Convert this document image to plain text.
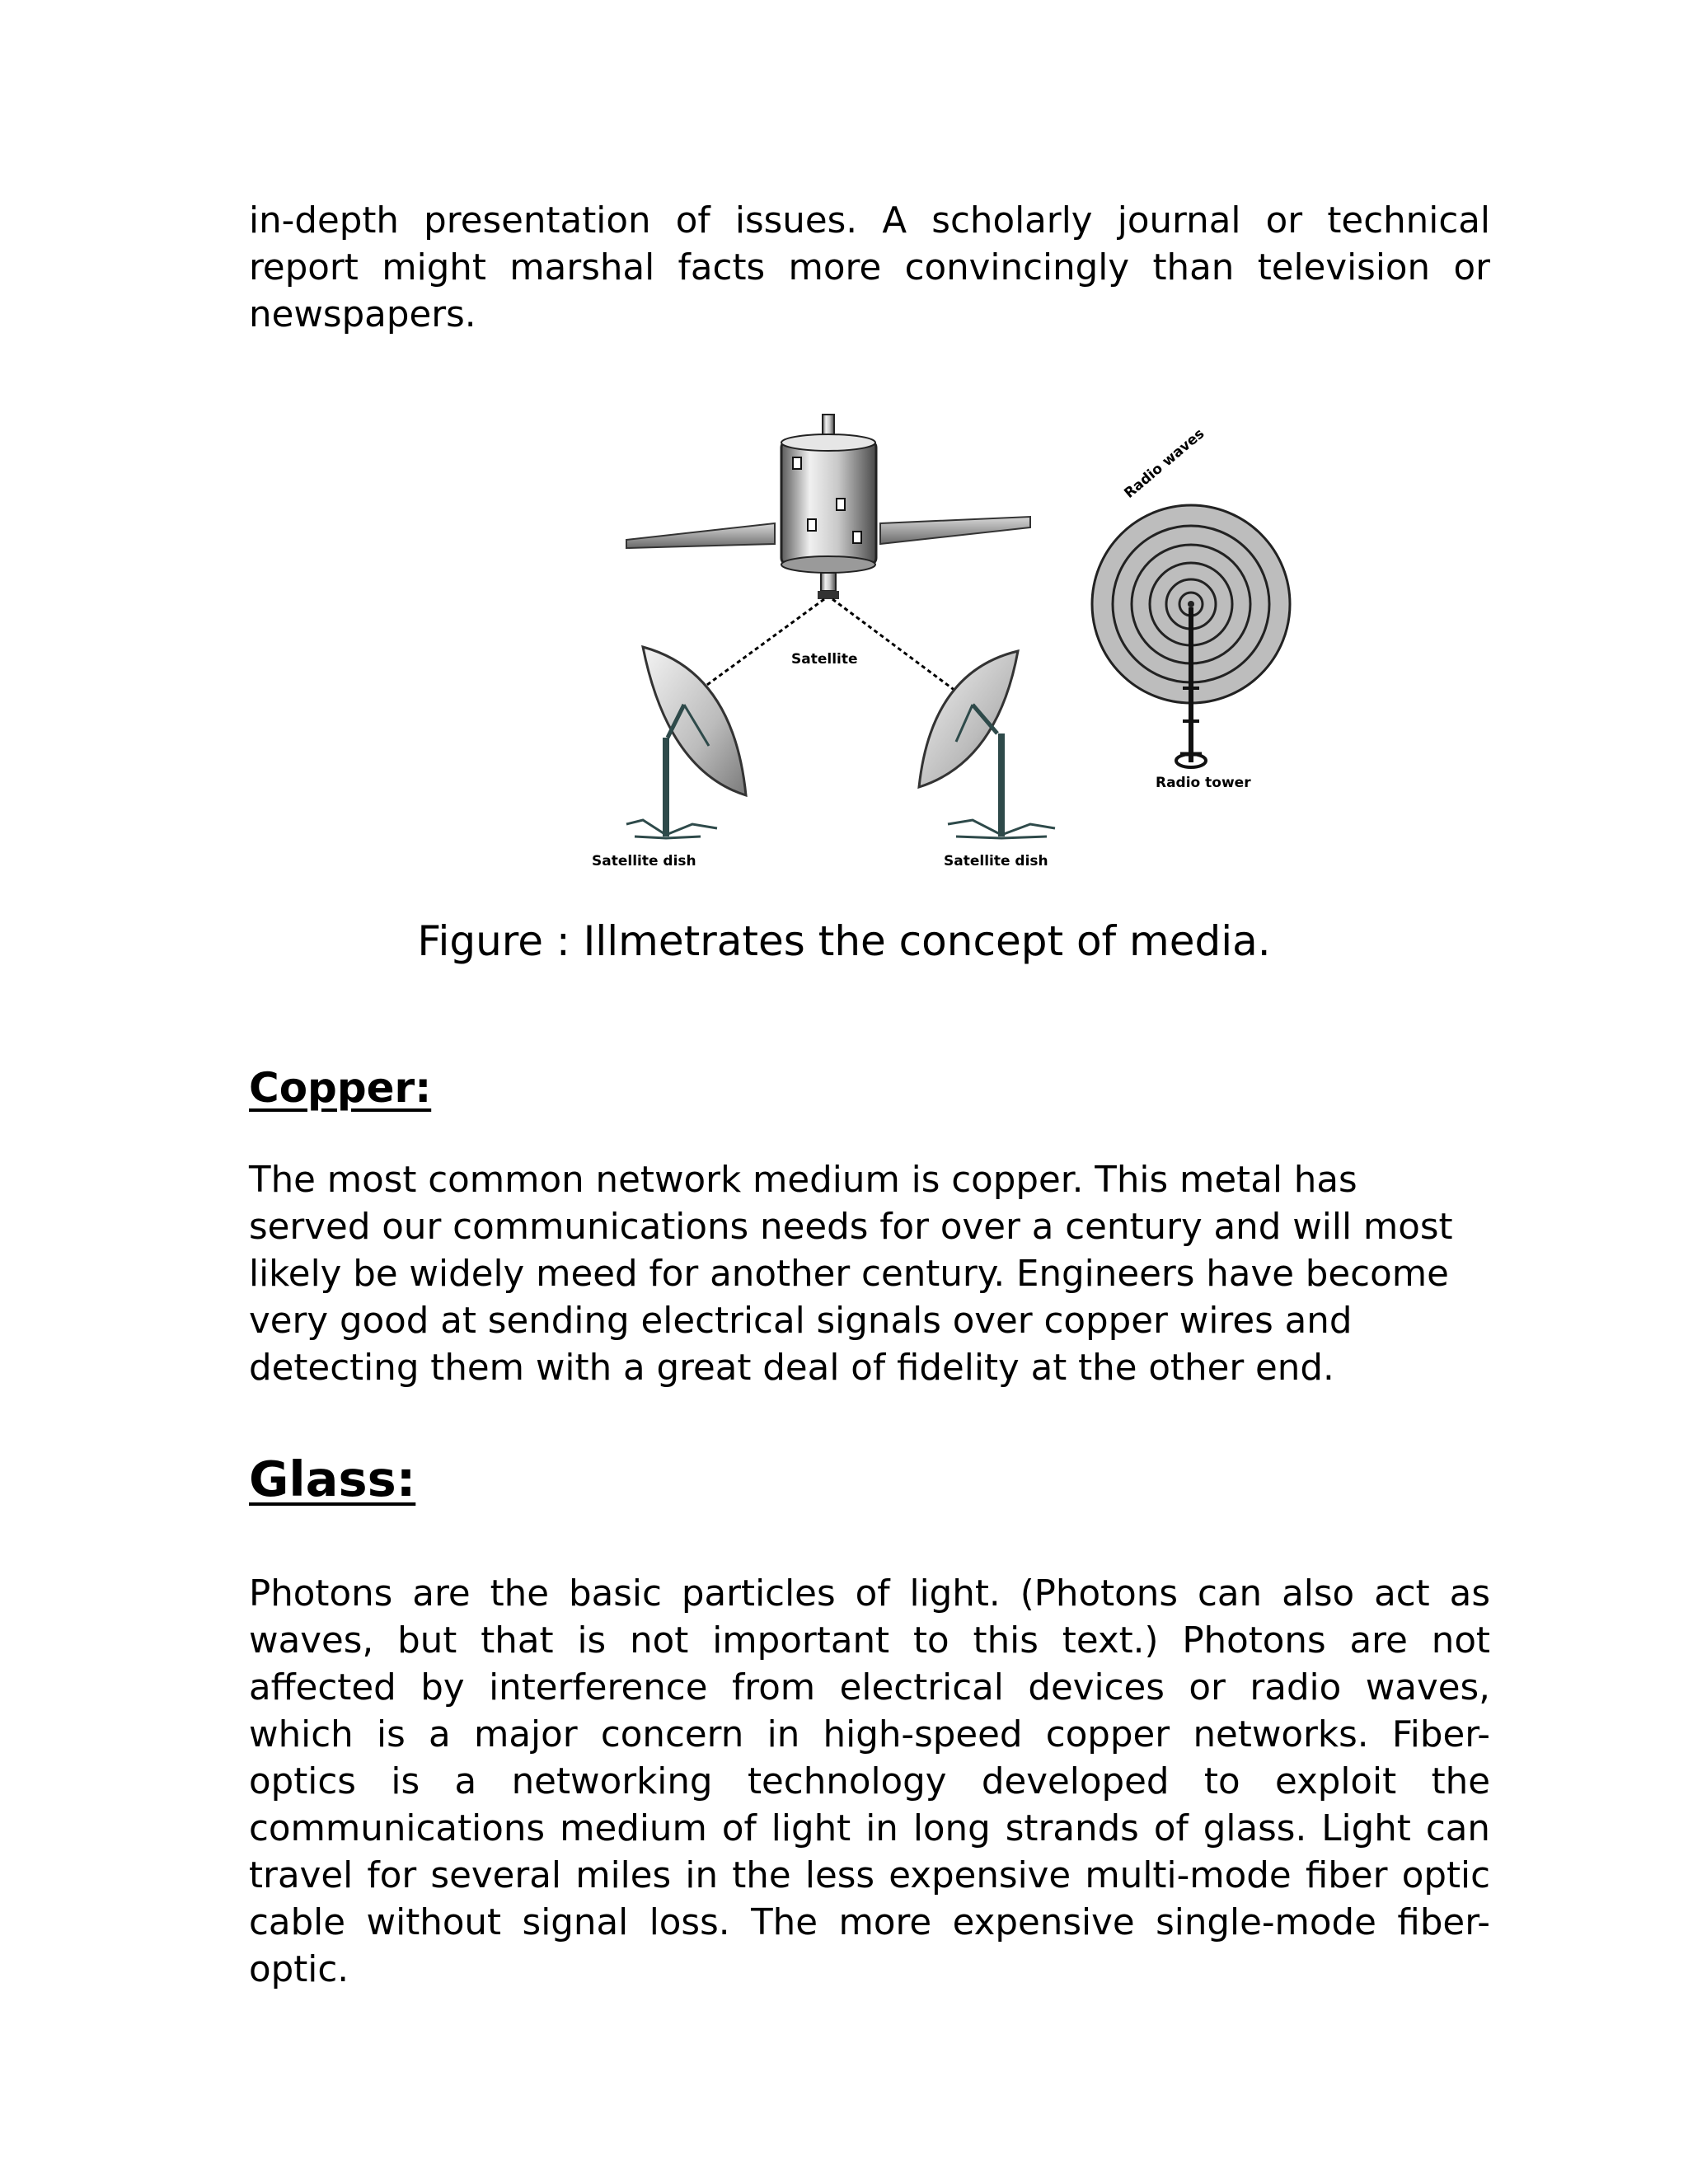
in-depth presentation of issues. A scholarly journal or technical report might marshal facts more convincingly than television or newspapers.

Satellite
Satellite dish	Satellite dish
Radio waves
Radio tower

Figure : Illmetrates the concept of media.

Copper:

The most common network medium is copper. This metal has served our communications needs for over a century and will most likely be widely meed for another century. Engineers have become very good at sending electrical signals over copper wires and detecting them with a great deal of fidelity at the other end.

Glass:

Photons are the basic particles of light. (Photons can also act as waves, but that is not important to this text.) Photons are not affected by interference from electrical devices or radio waves, which is a major concern in high-speed copper networks. Fiber-optics is a networking technology developed to exploit the communications medium of light in long strands of glass. Light can travel for several miles in the less expensive multi-mode fiber optic cable without signal loss. The more expensive single-mode fiber-optic.
